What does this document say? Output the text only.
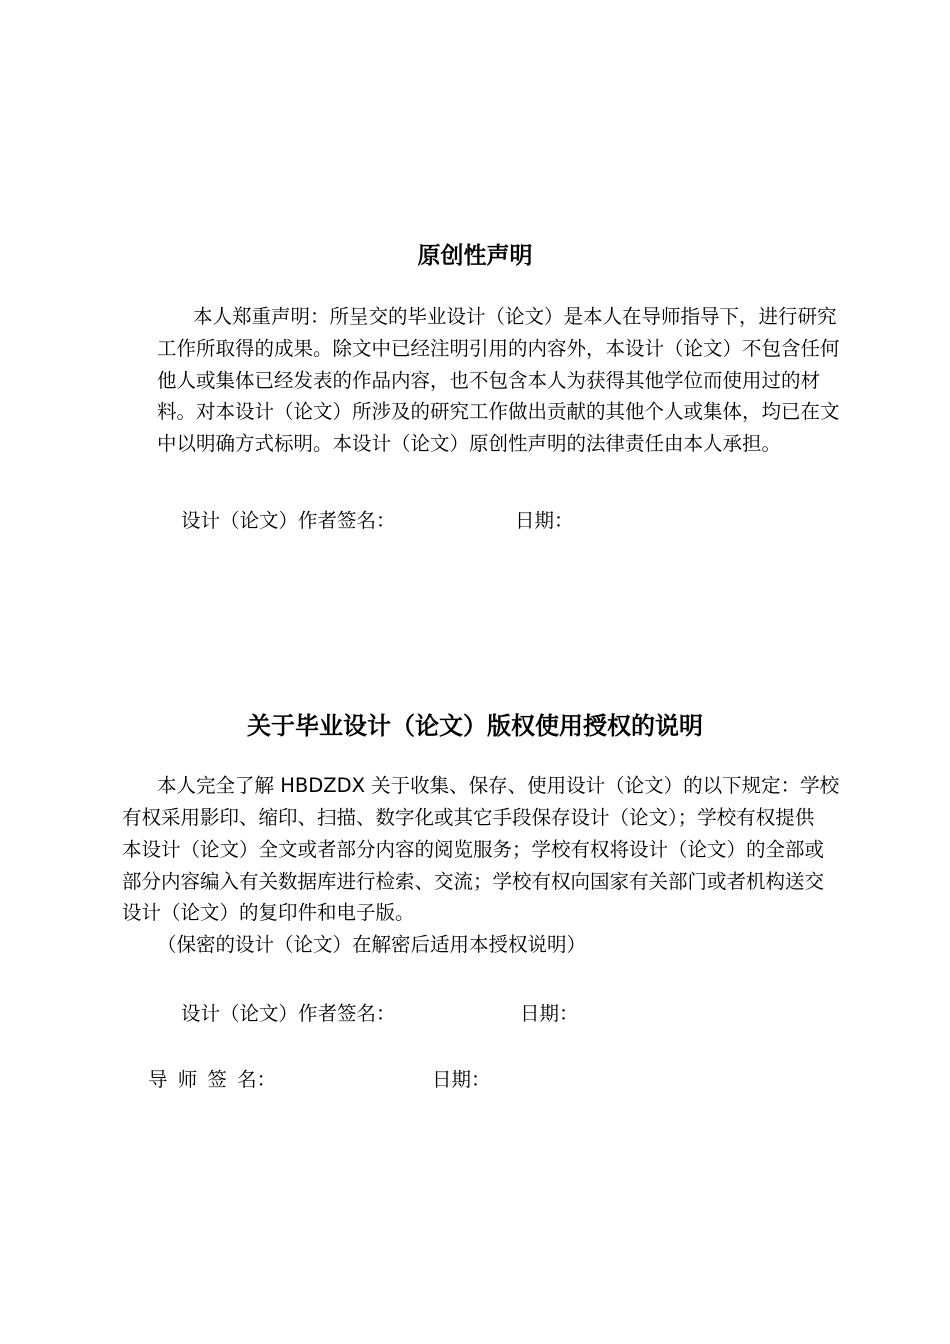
原创性声明
本人郑重声明：所呈交的毕业设计（论文）是本人在导师指导下，进行研究
工作所取得的成果。除文中已经注明引用的内容外，本设计（论文）不包含任何
他人或集体已经发表的作品内容，也不包含本人为获得其他学位而使用过的材
料。对本设计（论文）所涉及的研究工作做出贡献的其他个人或集体，均已在文
中以明确方式标明。本设计（论文）原创性声明的法律责任由本人承担。
设计（论文）作者签名：	日期：
关于毕业设计（论文）版权使用授权的说明
本人完全了解 HBDZDX 关于收集、保存、使用设计（论文）的以下规定：学校
有权采用影印、缩印、扫描、数字化或其它手段保存设计（论文）；学校有权提供
本设计（论文）全文或者部分内容的阅览服务；学校有权将设计（论文）的全部或
部分内容编入有关数据库进行检索、交流；学校有权向国家有关部门或者机构送交
设计（论文）的复印件和电子版。
（保密的设计（论文）在解密后适用本授权说明）
设计（论文）作者签名：	日期：
导 师 签 名：	日期：
